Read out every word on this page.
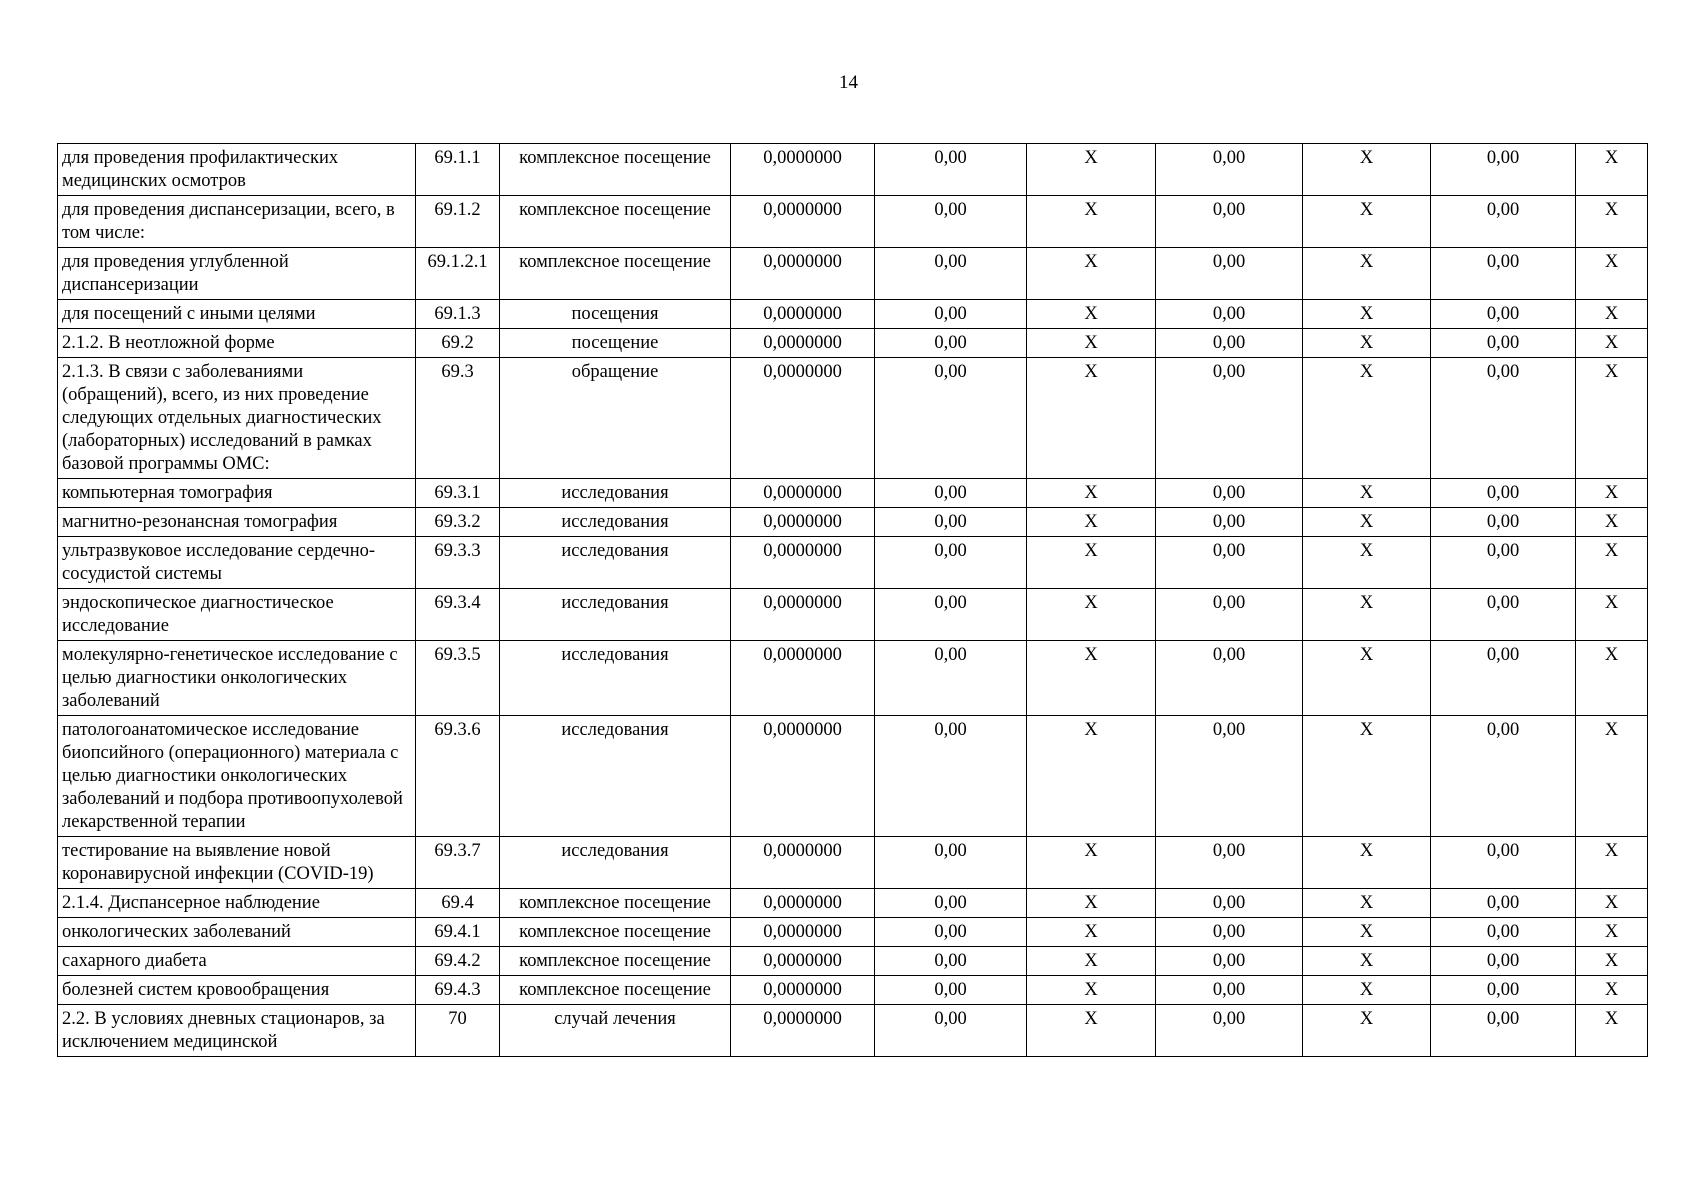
14
для проведения профилактических медицинских осмотров	69.1.1	комплексное посещение	0,0000000	0,00	X	0,00	X	0,00	X
для проведения диспансеризации, всего, в том числе:	69.1.2	комплексное посещение	0,0000000	0,00	X	0,00	X	0,00	X
для проведения углубленной диспансеризации	69.1.2.1	комплексное посещение	0,0000000	0,00	X	0,00	X	0,00	X
для посещений с иными целями	69.1.3	посещения	0,0000000	0,00	X	0,00	X	0,00	X
2.1.2. В неотложной форме	69.2	посещение	0,0000000	0,00	X	0,00	X	0,00	X
2.1.3. В связи с заболеваниями (обращений), всего, из них проведение следующих отдельных диагностических (лабораторных) исследований в рамках базовой программы ОМС:	69.3	обращение	0,0000000	0,00	X	0,00	X	0,00	X
компьютерная томография	69.3.1	исследования	0,0000000	0,00	X	0,00	X	0,00	X
магнитно-резонансная томография	69.3.2	исследования	0,0000000	0,00	X	0,00	X	0,00	X
ультразвуковое исследование сердечно-сосудистой системы	69.3.3	исследования	0,0000000	0,00	X	0,00	X	0,00	X
эндоскопическое диагностическое исследование	69.3.4	исследования	0,0000000	0,00	X	0,00	X	0,00	X
молекулярно-генетическое исследование с целью диагностики онкологических заболеваний	69.3.5	исследования	0,0000000	0,00	X	0,00	X	0,00	X
патологоанатомическое исследование биопсийного (операционного) материала с целью диагностики онкологических заболеваний и подбора противоопухолевой лекарственной терапии	69.3.6	исследования	0,0000000	0,00	X	0,00	X	0,00	X
тестирование на выявление новой коронавирусной инфекции (COVID-19)	69.3.7	исследования	0,0000000	0,00	X	0,00	X	0,00	X
2.1.4. Диспансерное наблюдение	69.4	комплексное посещение	0,0000000	0,00	X	0,00	X	0,00	X
онкологических заболеваний	69.4.1	комплексное посещение	0,0000000	0,00	X	0,00	X	0,00	X
сахарного диабета	69.4.2	комплексное посещение	0,0000000	0,00	X	0,00	X	0,00	X
болезней систем кровообращения	69.4.3	комплексное посещение	0,0000000	0,00	X	0,00	X	0,00	X
2.2. В условиях дневных стационаров, за исключением медицинской	70	случай лечения	0,0000000	0,00	X	0,00	X	0,00	X
